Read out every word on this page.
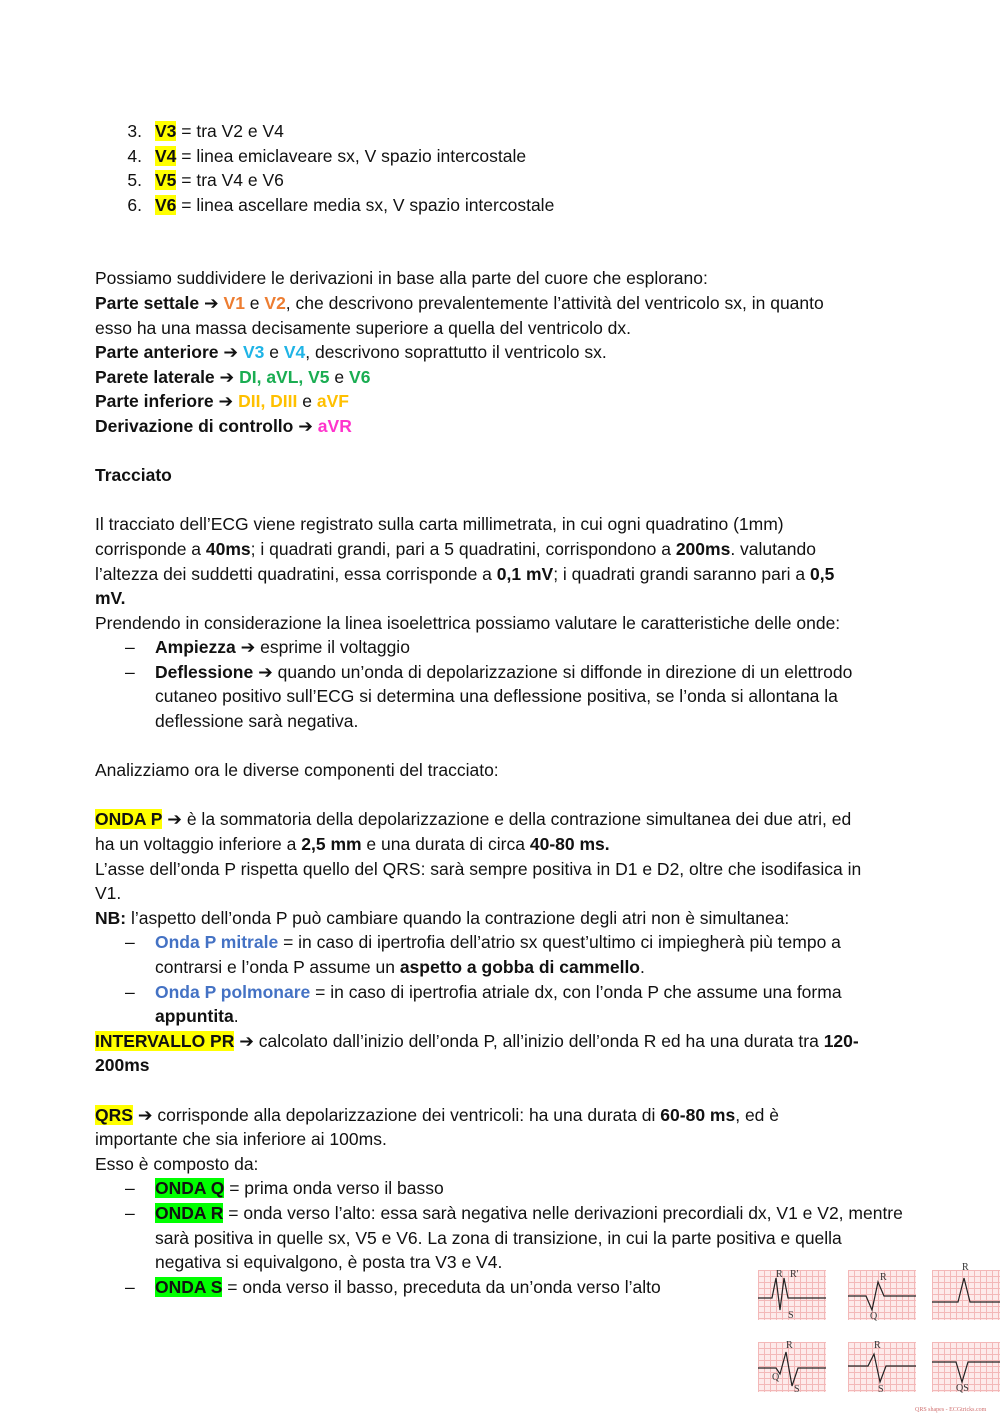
3. V3 = tra V2 e V4
4. V4 = linea emiclaveare sx, V spazio intercostale
5. V5 = tra V4 e V6
6. V6 = linea ascellare media sx, V spazio intercostale
Possiamo suddividere le derivazioni in base alla parte del cuore che esplorano:
Parte settale ➔ V1 e V2, che descrivono prevalentemente l’attività del ventricolo sx, in quanto
esso ha una massa decisamente superiore a quella del ventricolo dx.
Parte anteriore ➔ V3 e V4, descrivono soprattutto il ventricolo sx.
Parete laterale ➔ DI, aVL, V5 e V6
Parte inferiore ➔ DII, DIII e aVF
Derivazione di controllo ➔ aVR
Tracciato
Il tracciato dell’ECG viene registrato sulla carta millimetrata, in cui ogni quadratino (1mm)
corrisponde a 40ms; i quadrati grandi, pari a 5 quadratini, corrispondono a 200ms. valutando
l’altezza dei suddetti quadratini, essa corrisponde a 0,1 mV; i quadrati grandi saranno pari a 0,5
mV.
Prendendo in considerazione la linea isoelettrica possiamo valutare le caratteristiche delle onde:
–	Ampiezza ➔ esprime il voltaggio
–	Deflessione ➔ quando un’onda di depolarizzazione si diffonde in direzione di un elettrodo cutaneo positivo sull’ECG si determina una deflessione positiva, se l’onda si allontana la deflessione sarà negativa.
Analizziamo ora le diverse componenti del tracciato:
ONDA P ➔ è la sommatoria della depolarizzazione e della contrazione simultanea dei due atri, ed
ha un voltaggio inferiore a 2,5 mm e una durata di circa 40-80 ms.
L’asse dell’onda P rispetta quello del QRS: sarà sempre positiva in D1 e D2, oltre che isodifasica in
V1.
NB: l’aspetto dell’onda P può cambiare quando la contrazione degli atri non è simultanea:
–	Onda P mitrale = in caso di ipertrofia dell’atrio sx quest’ultimo ci impiegherà più tempo a contrarsi e l’onda P assume un aspetto a gobba di cammello.
–	Onda P polmonare = in caso di ipertrofia atriale dx, con l’onda P che assume una forma appuntita.
INTERVALLO PR ➔ calcolato dall’inizio dell’onda P, all’inizio dell’onda R ed ha una durata tra 120-
200ms
QRS ➔ corrisponde alla depolarizzazione dei ventricoli: ha una durata di 60-80 ms, ed è
importante che sia inferiore ai 100ms.
Esso è composto da:
–	ONDA Q = prima onda verso il basso
–	ONDA R = onda verso l’alto: essa sarà negativa nelle derivazioni precordiali dx, V1 e V2, mentre sarà positiva in quelle sx, V5 e V6. La zona di transizione, in cui la parte positiva e quella negativa si equivalgono, è posta tra V3 e V4.
–	ONDA S = onda verso il basso, preceduta da un’onda verso l’alto
R R'
S
R
Q
R
R
Q
S
R
S	QS
QRS shapes - ECGtricks.com
